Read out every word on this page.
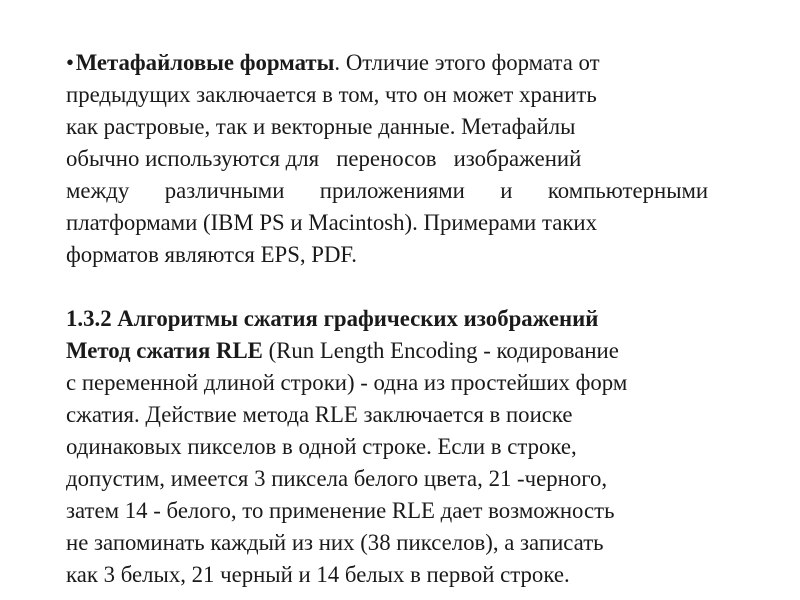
•Метафайловые форматы. Отличие этого формата от
предыдущих заключается в том, что он может хранить
как растровые, так и векторные данные. Метафайлы
обычно используются для   переносов   изображений
между различными приложениями и компьютерными
платформами (IBM PS и Macintosh). Примерами таких
форматов являются EPS, PDF.
1.3.2 Алгоритмы сжатия графических изображений
Метод сжатия RLE (Run Length Encoding - кодирование
с переменной длиной строки) - одна из простейших форм
сжатия. Действие метода RLE заключается в поиске
одинаковых пикселов в одной строке. Если в строке,
допустим, имеется 3 пиксела белого цвета, 21 -черного,
затем 14 - белого, то применение RLE дает возможность
не запоминать каждый из них (38 пикселов), а записать
как 3 белых, 21 черный и 14 белых в первой строке.
